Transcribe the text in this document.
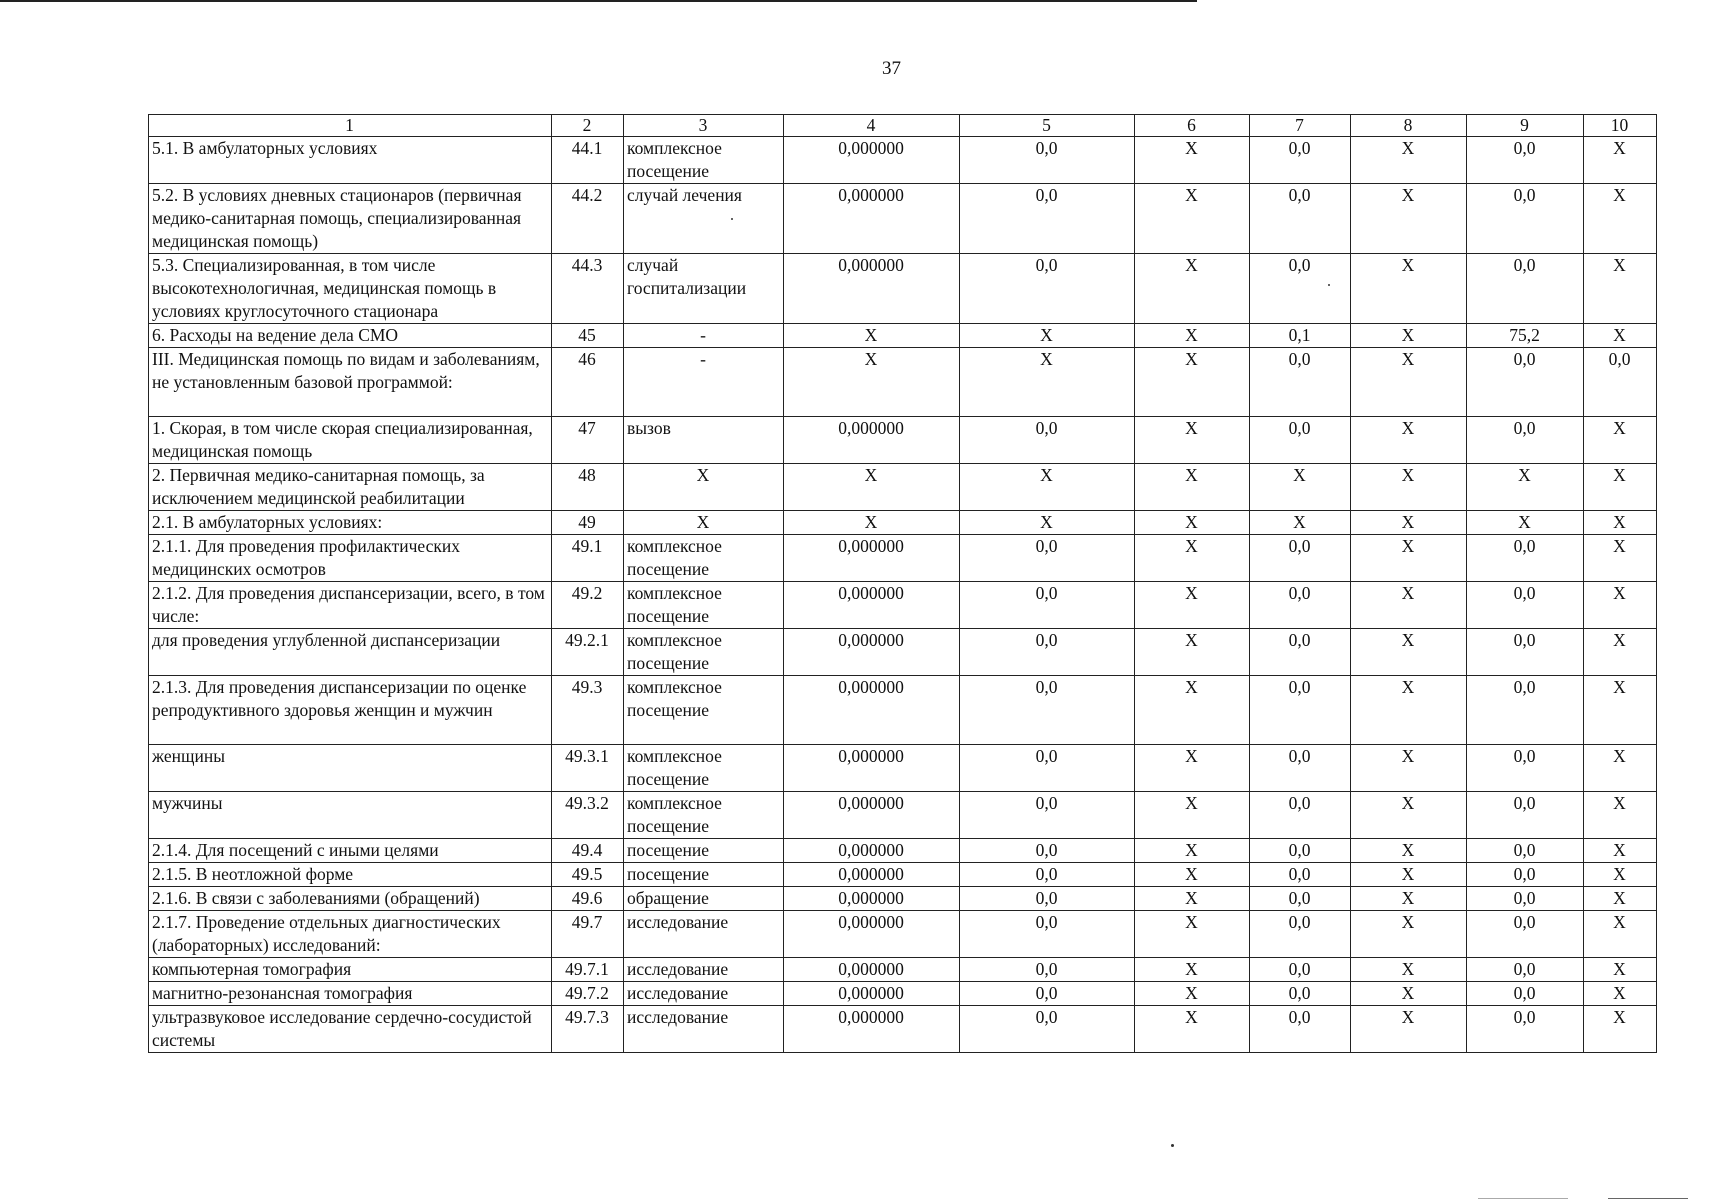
37
1	2	3	4	5	6	7	8	9	10
5.1. В амбулаторных условиях	44.1	комплексное посещение	0,000000	0,0	X	0,0	X	0,0	X
5.2. В условиях дневных стационаров (первичная медико-санитарная помощь, специализированная медицинская помощь)	44.2	случай лечения	0,000000	0,0	X	0,0	X	0,0	X
5.3. Специализированная, в том числе высокотехнологичная, медицинская помощь в условиях круглосуточного стационара	44.3	случай госпитализации	0,000000	0,0	X	0,0	X	0,0	X
6. Расходы на ведение дела СМО	45	-	X	X	X	0,1	X	75,2	X
III. Медицинская помощь по видам и заболеваниям, не установленным базовой программой:	46	-	X	X	X	0,0	X	0,0	0,0
1. Скорая, в том числе скорая специализированная, медицинская помощь	47	вызов	0,000000	0,0	X	0,0	X	0,0	X
2. Первичная медико-санитарная помощь, за исключением медицинской реабилитации	48	X	X	X	X	X	X	X	X
2.1. В амбулаторных условиях:	49	X	X	X	X	X	X	X	X
2.1.1. Для проведения профилактических медицинских осмотров	49.1	комплексное посещение	0,000000	0,0	X	0,0	X	0,0	X
2.1.2. Для проведения диспансеризации, всего, в том числе:	49.2	комплексное посещение	0,000000	0,0	X	0,0	X	0,0	X
для проведения углубленной диспансеризации	49.2.1	комплексное посещение	0,000000	0,0	X	0,0	X	0,0	X
2.1.3. Для проведения диспансеризации по оценке репродуктивного здоровья женщин и мужчин	49.3	комплексное посещение	0,000000	0,0	X	0,0	X	0,0	X
женщины	49.3.1	комплексное посещение	0,000000	0,0	X	0,0	X	0,0	X
мужчины	49.3.2	комплексное посещение	0,000000	0,0	X	0,0	X	0,0	X
2.1.4. Для посещений с иными целями	49.4	посещение	0,000000	0,0	X	0,0	X	0,0	X
2.1.5. В неотложной форме	49.5	посещение	0,000000	0,0	X	0,0	X	0,0	X
2.1.6. В связи с заболеваниями (обращений)	49.6	обращение	0,000000	0,0	X	0,0	X	0,0	X
2.1.7. Проведение отдельных диагностических (лабораторных) исследований:	49.7	исследование	0,000000	0,0	X	0,0	X	0,0	X
компьютерная томография	49.7.1	исследование	0,000000	0,0	X	0,0	X	0,0	X
магнитно-резонансная томография	49.7.2	исследование	0,000000	0,0	X	0,0	X	0,0	X
ультразвуковое исследование сердечно-сосудистой системы	49.7.3	исследование	0,000000	0,0	X	0,0	X	0,0	X
